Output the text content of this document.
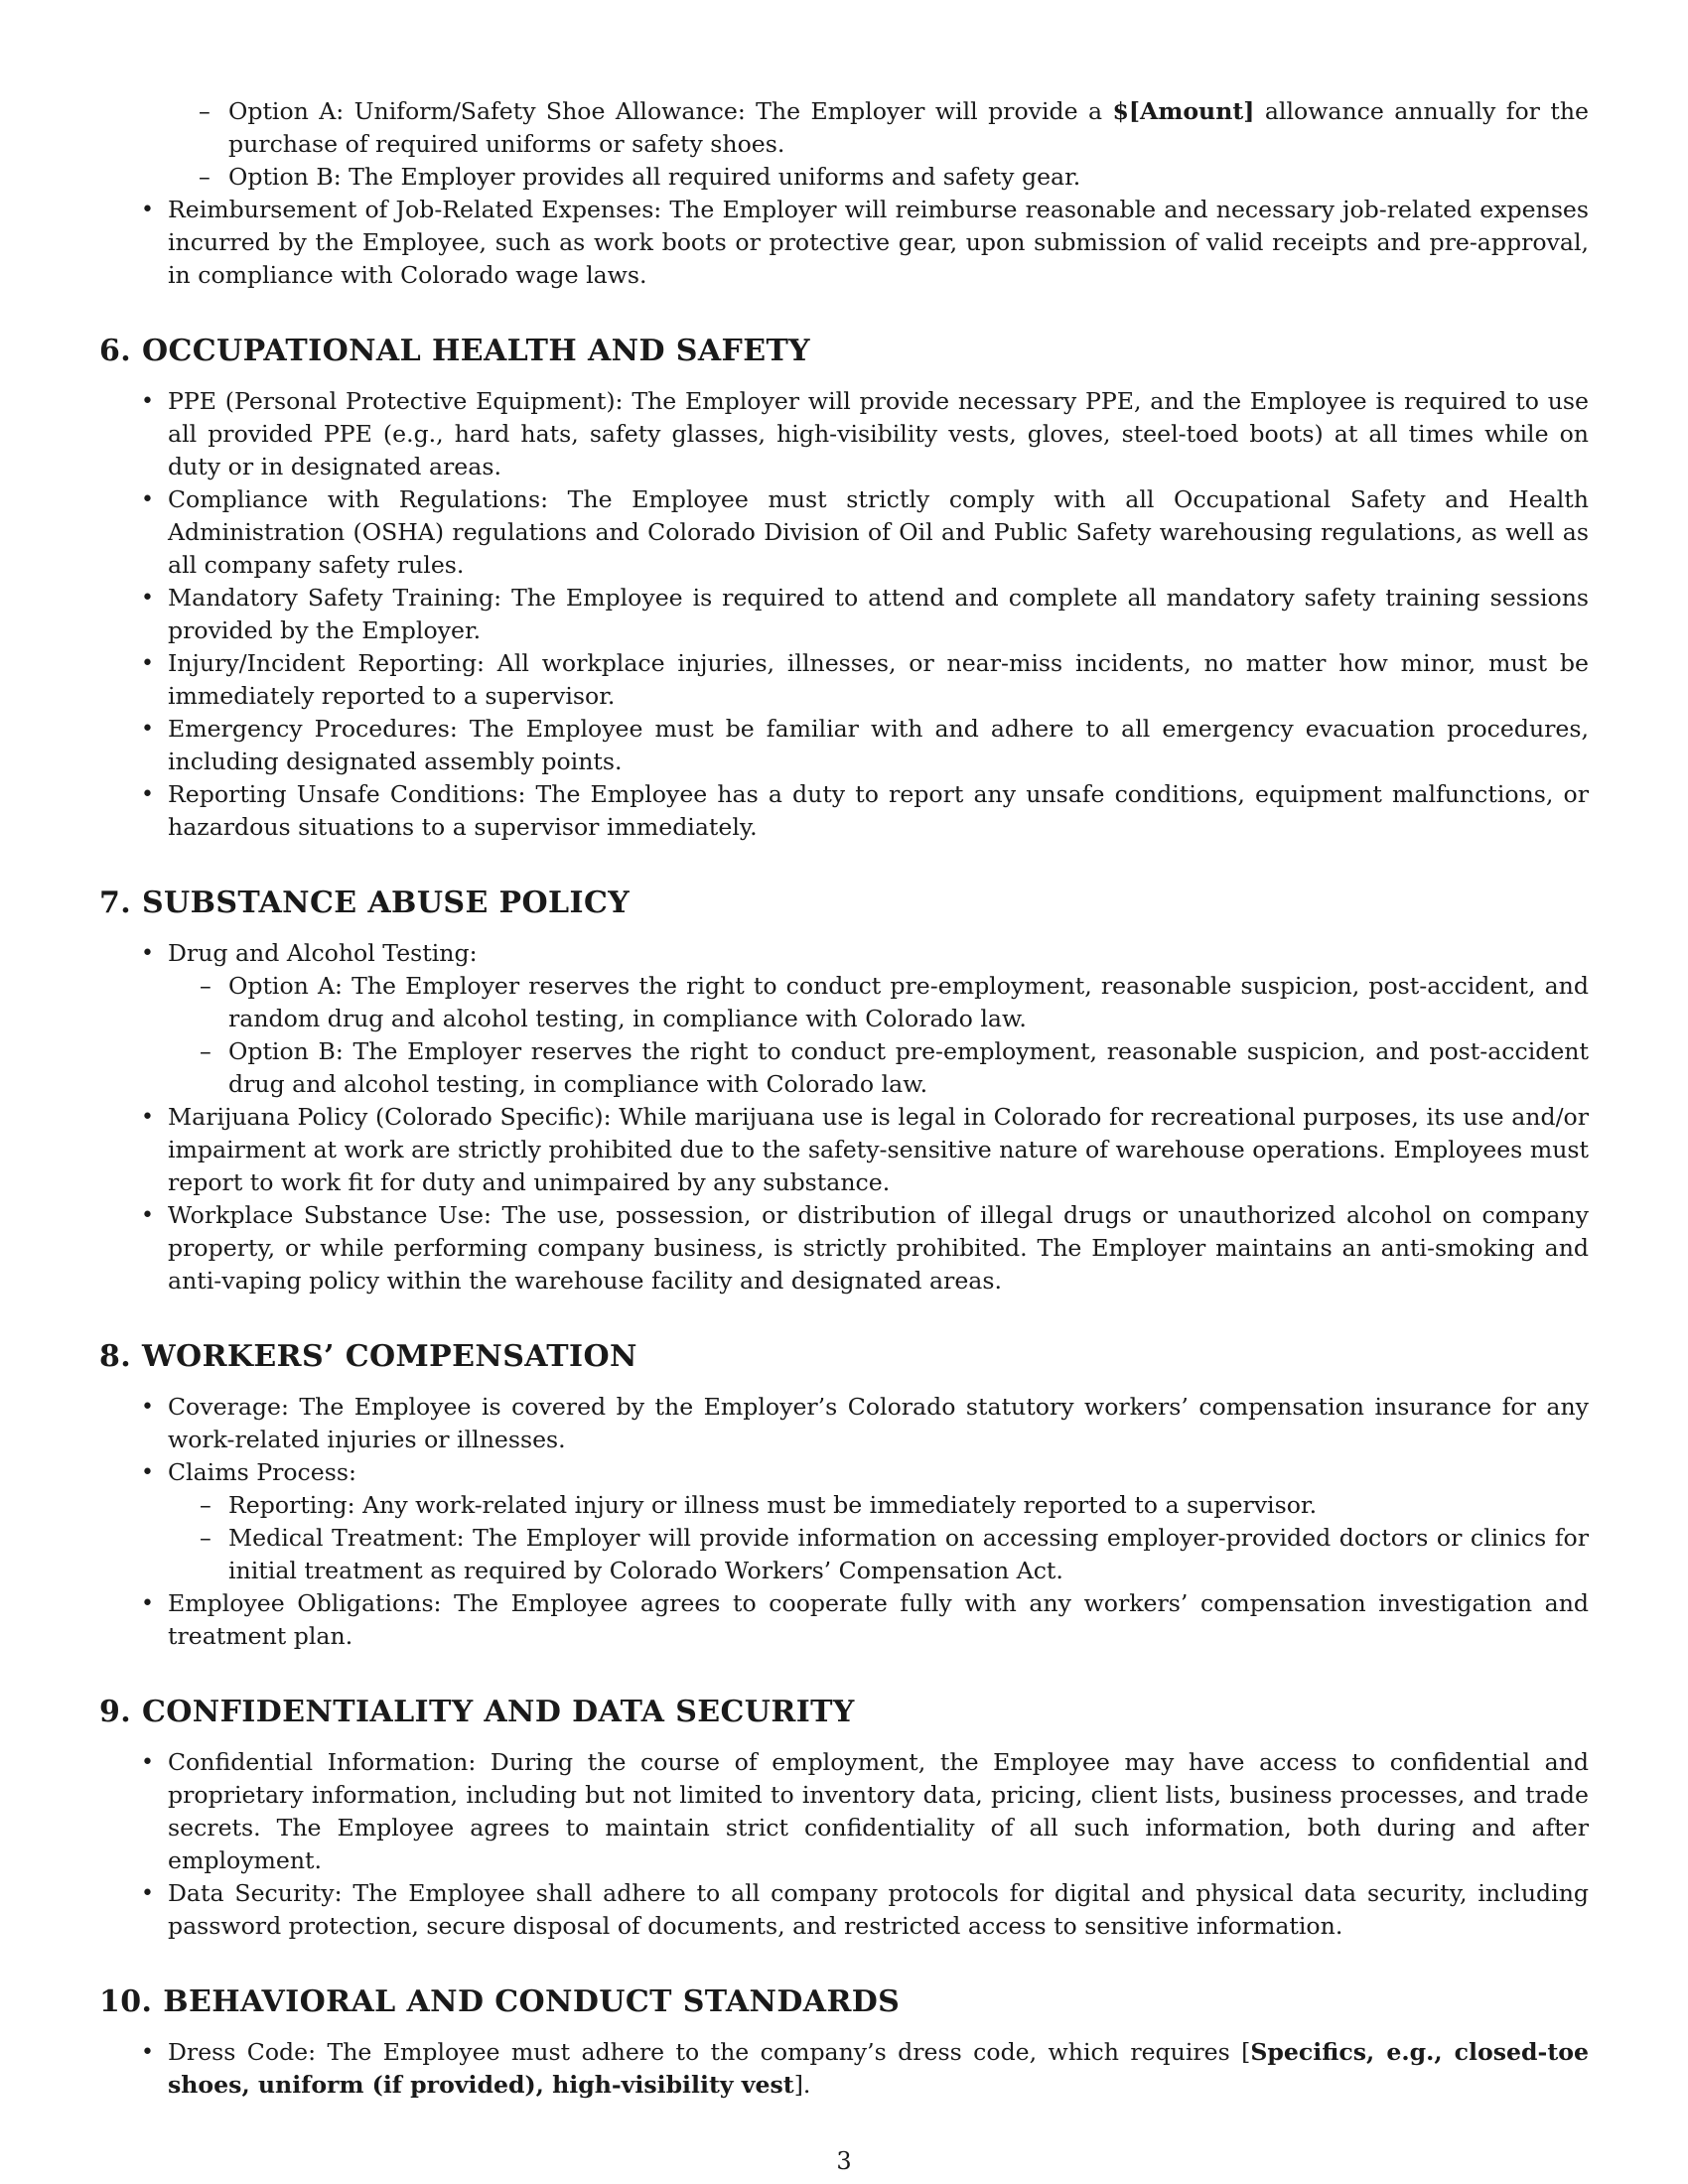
– Option A: Uniform/Safety Shoe Allowance: The Employer will provide a $[Amount] allowance annually for the purchase of required uniforms or safety shoes.
– Option B: The Employer provides all required uniforms and safety gear.
• Reimbursement of Job-Related Expenses: The Employer will reimburse reasonable and necessary job-related expenses incurred by the Employee, such as work boots or protective gear, upon submission of valid receipts and pre-approval, in compliance with Colorado wage laws.
6. OCCUPATIONAL HEALTH AND SAFETY
• PPE (Personal Protective Equipment): The Employer will provide necessary PPE, and the Employee is required to use all provided PPE (e.g., hard hats, safety glasses, high-visibility vests, gloves, steel-toed boots) at all times while on duty or in designated areas.
• Compliance with Regulations: The Employee must strictly comply with all Occupational Safety and Health Administration (OSHA) regulations and Colorado Division of Oil and Public Safety warehousing regulations, as well as all company safety rules.
• Mandatory Safety Training: The Employee is required to attend and complete all mandatory safety training sessions provided by the Employer.
• Injury/Incident Reporting: All workplace injuries, illnesses, or near-miss incidents, no matter how minor, must be immediately reported to a supervisor.
• Emergency Procedures: The Employee must be familiar with and adhere to all emergency evacuation procedures, including designated assembly points.
• Reporting Unsafe Conditions: The Employee has a duty to report any unsafe conditions, equipment malfunctions, or hazardous situations to a supervisor immediately.
7. SUBSTANCE ABUSE POLICY
• Drug and Alcohol Testing:
– Option A: The Employer reserves the right to conduct pre-employment, reasonable suspicion, post-accident, and random drug and alcohol testing, in compliance with Colorado law.
– Option B: The Employer reserves the right to conduct pre-employment, reasonable suspicion, and post-accident drug and alcohol testing, in compliance with Colorado law.
• Marijuana Policy (Colorado Specific): While marijuana use is legal in Colorado for recreational purposes, its use and/or impairment at work are strictly prohibited due to the safety-sensitive nature of warehouse operations. Employees must report to work fit for duty and unimpaired by any substance.
• Workplace Substance Use: The use, possession, or distribution of illegal drugs or unauthorized alcohol on company property, or while performing company business, is strictly prohibited. The Employer maintains an anti-smoking and anti-vaping policy within the warehouse facility and designated areas.
8. WORKERS’ COMPENSATION
• Coverage: The Employee is covered by the Employer’s Colorado statutory workers’ compensation insurance for any work-related injuries or illnesses.
• Claims Process:
– Reporting: Any work-related injury or illness must be immediately reported to a supervisor.
– Medical Treatment: The Employer will provide information on accessing employer-provided doctors or clinics for initial treatment as required by Colorado Workers’ Compensation Act.
• Employee Obligations: The Employee agrees to cooperate fully with any workers’ compensation investigation and treatment plan.
9. CONFIDENTIALITY AND DATA SECURITY
• Confidential Information: During the course of employment, the Employee may have access to confidential and proprietary information, including but not limited to inventory data, pricing, client lists, business processes, and trade secrets. The Employee agrees to maintain strict confidentiality of all such information, both during and after employment.
• Data Security: The Employee shall adhere to all company protocols for digital and physical data security, including password protection, secure disposal of documents, and restricted access to sensitive information.
10. BEHAVIORAL AND CONDUCT STANDARDS
• Dress Code: The Employee must adhere to the company’s dress code, which requires [Specifics, e.g., closed-toe shoes, uniform (if provided), high-visibility vest].
3
